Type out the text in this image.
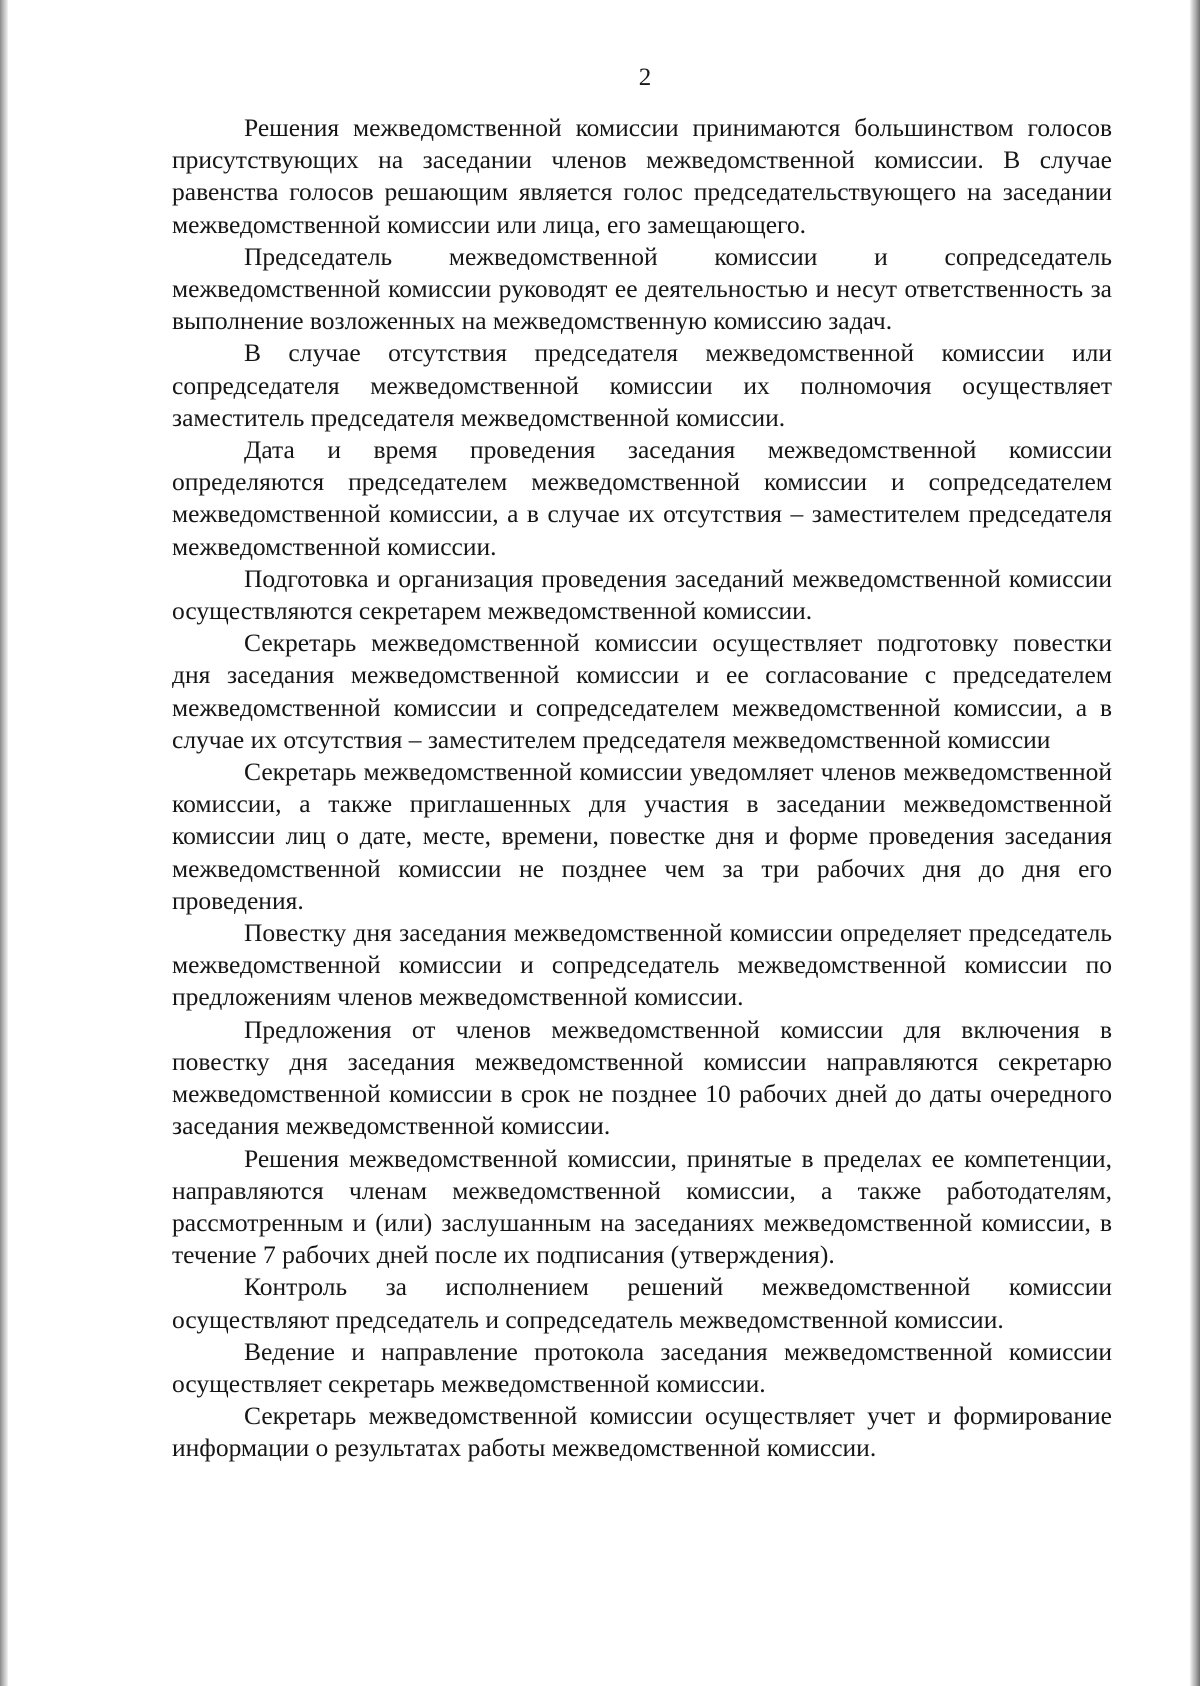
2

Решения межведомственной комиссии принимаются большинством голосов присутствующих на заседании членов межведомственной комиссии. В случае равенства голосов решающим является голос председательствующего на заседании межведомственной комиссии или лица, его замещающего.

Председатель межведомственной комиссии и сопредседатель межведомственной комиссии руководят ее деятельностью и несут ответственность за выполнение возложенных на межведомственную комиссию задач.

В случае отсутствия председателя межведомственной комиссии или сопредседателя межведомственной комиссии их полномочия осуществляет заместитель председателя межведомственной комиссии.

Дата и время проведения заседания межведомственной комиссии определяются председателем межведомственной комиссии и сопредседателем межведомственной комиссии, а в случае их отсутствия – заместителем председателя межведомственной комиссии.

Подготовка и организация проведения заседаний межведомственной комиссии осуществляются секретарем межведомственной комиссии.

Секретарь межведомственной комиссии осуществляет подготовку повестки дня заседания межведомственной комиссии и ее согласование с председателем межведомственной комиссии и сопредседателем межведомственной комиссии, а в случае их отсутствия – заместителем председателя межведомственной комиссии

Секретарь межведомственной комиссии уведомляет членов межведомственной комиссии, а также приглашенных для участия в заседании межведомственной комиссии лиц о дате, месте, времени, повестке дня и форме проведения заседания межведомственной комиссии не позднее чем за три рабочих дня до дня его проведения.

Повестку дня заседания межведомственной комиссии определяет председатель межведомственной комиссии и сопредседатель межведомственной комиссии по предложениям членов межведомственной комиссии.

Предложения от членов межведомственной комиссии для включения в повестку дня заседания межведомственной комиссии направляются секретарю межведомственной комиссии в срок не позднее 10 рабочих дней до даты очередного заседания межведомственной комиссии.

Решения межведомственной комиссии, принятые в пределах ее компетенции, направляются членам межведомственной комиссии, а также работодателям, рассмотренным и (или) заслушанным на заседаниях межведомственной комиссии, в течение 7 рабочих дней после их подписания (утверждения).

Контроль за исполнением решений межведомственной комиссии осуществляют председатель и сопредседатель межведомственной комиссии.

Ведение и направление протокола заседания межведомственной комиссии осуществляет секретарь межведомственной комиссии.

Секретарь межведомственной комиссии осуществляет учет и формирование информации о результатах работы межведомственной комиссии.
